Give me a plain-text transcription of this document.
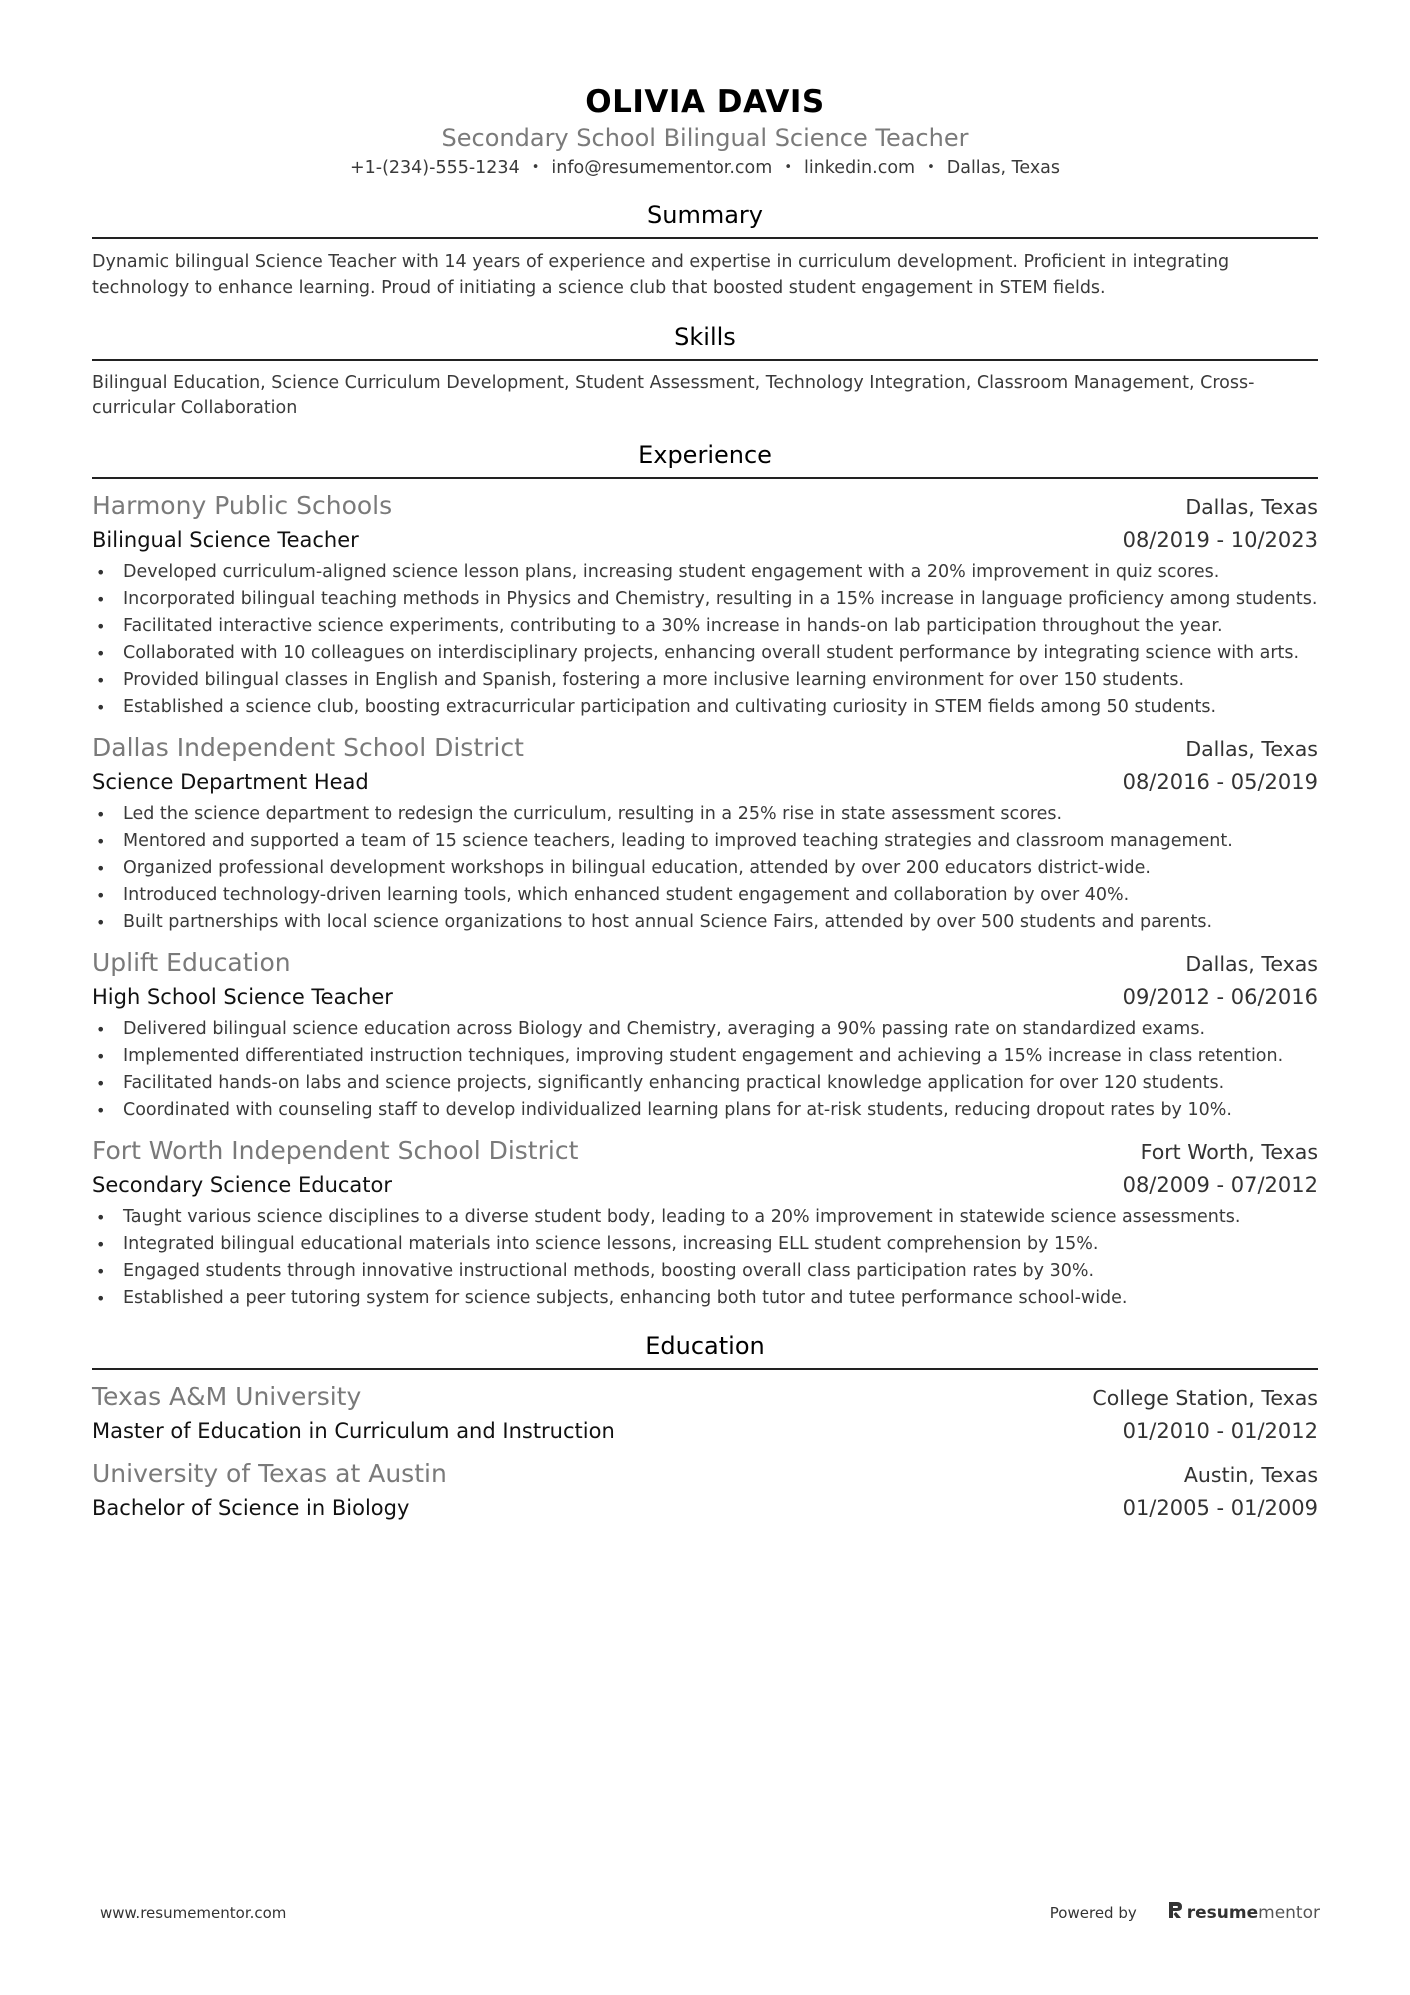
OLIVIA DAVIS
Secondary School Bilingual Science Teacher
+1-(234)-555-1234 • info@resumementor.com • linkedin.com • Dallas, Texas
Summary
Dynamic bilingual Science Teacher with 14 years of experience and expertise in curriculum development. Proficient in integrating technology to enhance learning. Proud of initiating a science club that boosted student engagement in STEM fields.
Skills
Bilingual Education, Science Curriculum Development, Student Assessment, Technology Integration, Classroom Management, Cross-curricular Collaboration
Experience
Harmony Public Schools	Dallas, Texas
Bilingual Science Teacher	08/2019 - 10/2023
• Developed curriculum-aligned science lesson plans, increasing student engagement with a 20% improvement in quiz scores.
• Incorporated bilingual teaching methods in Physics and Chemistry, resulting in a 15% increase in language proficiency among students.
• Facilitated interactive science experiments, contributing to a 30% increase in hands-on lab participation throughout the year.
• Collaborated with 10 colleagues on interdisciplinary projects, enhancing overall student performance by integrating science with arts.
• Provided bilingual classes in English and Spanish, fostering a more inclusive learning environment for over 150 students.
• Established a science club, boosting extracurricular participation and cultivating curiosity in STEM fields among 50 students.
Dallas Independent School District	Dallas, Texas
Science Department Head	08/2016 - 05/2019
• Led the science department to redesign the curriculum, resulting in a 25% rise in state assessment scores.
• Mentored and supported a team of 15 science teachers, leading to improved teaching strategies and classroom management.
• Organized professional development workshops in bilingual education, attended by over 200 educators district-wide.
• Introduced technology-driven learning tools, which enhanced student engagement and collaboration by over 40%.
• Built partnerships with local science organizations to host annual Science Fairs, attended by over 500 students and parents.
Uplift Education	Dallas, Texas
High School Science Teacher	09/2012 - 06/2016
• Delivered bilingual science education across Biology and Chemistry, averaging a 90% passing rate on standardized exams.
• Implemented differentiated instruction techniques, improving student engagement and achieving a 15% increase in class retention.
• Facilitated hands-on labs and science projects, significantly enhancing practical knowledge application for over 120 students.
• Coordinated with counseling staff to develop individualized learning plans for at-risk students, reducing dropout rates by 10%.
Fort Worth Independent School District	Fort Worth, Texas
Secondary Science Educator	08/2009 - 07/2012
• Taught various science disciplines to a diverse student body, leading to a 20% improvement in statewide science assessments.
• Integrated bilingual educational materials into science lessons, increasing ELL student comprehension by 15%.
• Engaged students through innovative instructional methods, boosting overall class participation rates by 30%.
• Established a peer tutoring system for science subjects, enhancing both tutor and tutee performance school-wide.
Education
Texas A&M University	College Station, Texas
Master of Education in Curriculum and Instruction	01/2010 - 01/2012
University of Texas at Austin	Austin, Texas
Bachelor of Science in Biology	01/2005 - 01/2009
www.resumementor.com	Powered by	resume mentor
